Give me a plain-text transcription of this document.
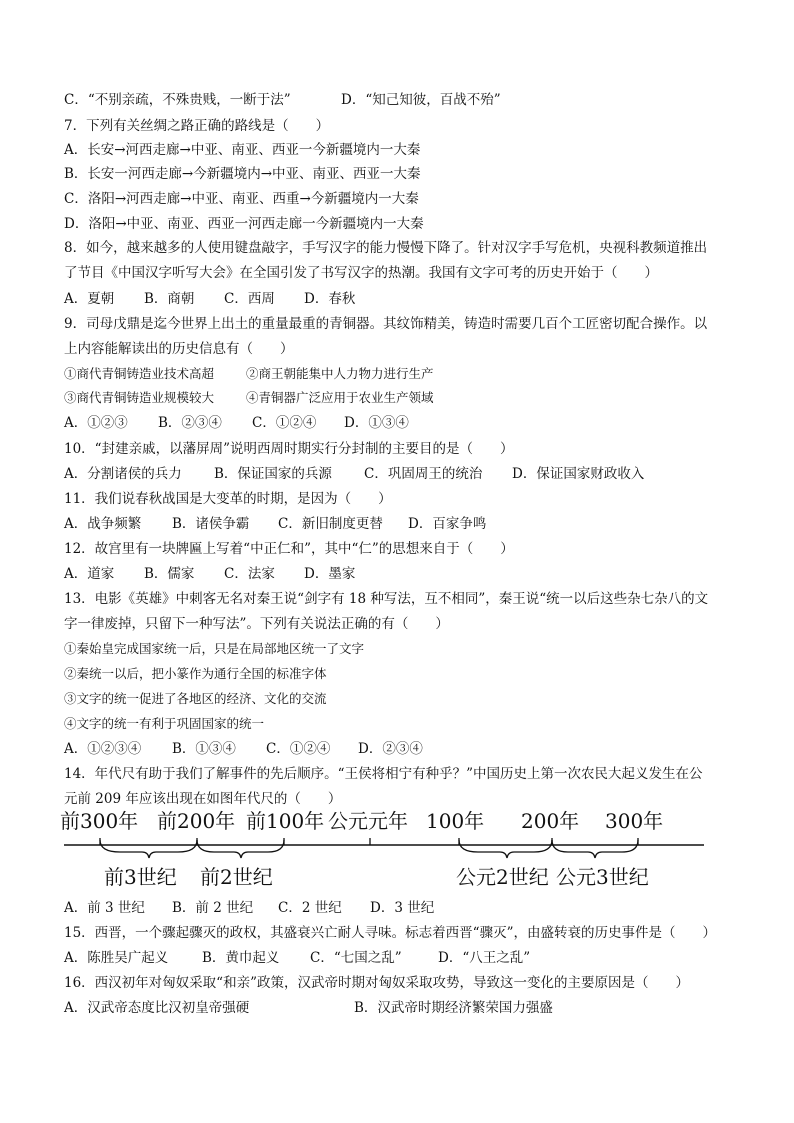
C．“不别亲疏，不殊贵贱，一断于法”	D．“知己知彼，百战不殆”
7．下列有关丝绸之路正确的路线是（　　）
A．长安→河西走廊→中亚、南亚、西亚一今新疆境内一大秦
B．长安一河西走廊→今新疆境内→中亚、南亚、西亚一大秦
C．洛阳→河西走廊→中亚、南亚、西重→今新疆境内一大秦
D．洛阳→中亚、南亚、西亚一河西走廊一今新疆境内一大秦
8．如今，越来越多的人使用键盘敲字，手写汉字的能力慢慢下降了。针对汉字手写危机，央视科教频道推出
了节目《中国汉字听写大会》在全国引发了书写汉字的热潮。我国有文字可考的历史开始于（　　）
A．夏朝 B．商朝 C．西周 D．春秋
9．司母戊鼎是迄今世界上出土的重量最重的青铜器。其纹饰精美，铸造时需要几百个工匠密切配合操作。以
上内容能解读出的历史信息有（　　）
①商代青铜铸造业技术高超	②商王朝能集中人力物力进行生产
③商代青铜铸造业规模较大	④青铜器广泛应用于农业生产领域
A．①②③ B．②③④ C．①②④ D．①③④
10．“封建亲戚，以藩屏周”说明西周时期实行分封制的主要目的是（　　）
A．分割诸侯的兵力 B．保证国家的兵源 C．巩固周王的统治 D．保证国家财政收入
11．我们说春秋战国是大变革的时期，是因为（　　）
A．战争频繁 B．诸侯争霸 C．新旧制度更替 D．百家争鸣
12．故宫里有一块牌匾上写着“中正仁和”，其中“仁”的思想来自于（　　）
A．道家 B．儒家 C．法家 D．墨家
13．电影《英雄》中刺客无名对秦王说“剑字有 18 种写法，互不相同”，秦王说“统一以后这些杂七杂八的文
字一律废掉，只留下一种写法”。下列有关说法正确的有（　　）
①秦始皇完成国家统一后，只是在局部地区统一了文字
②秦统一以后，把小篆作为通行全国的标准字体
③文字的统一促进了各地区的经济、文化的交流
④文字的统一有利于巩固国家的统一
A．①②③④ B．①③④ C．①②④ D．②③④
14．年代尺有助于我们了解事件的先后顺序。“王侯将相宁有种乎？”中国历史上第一次农民大起义发生在公
元前 209 年应该出现在如图年代尺的（　　）
前300年 前200年 前100年 公元元年 100年 200年 300年
前3世纪 前2世纪	公元2世纪 公元3世纪
A．前 3 世纪 B．前 2 世纪 C．2 世纪 D．3 世纪
15．西晋，一个骤起骤灭的政权，其盛衰兴亡耐人寻味。标志着西晋“骤灭”，由盛转衰的历史事件是（　　）
A．陈胜吴广起义	B．黄巾起义 C．“七国之乱”	D．“八王之乱”
16．西汉初年对匈奴采取“和亲”政策，汉武帝时期对匈奴采取攻势，导致这一变化的主要原因是（　　）
A．汉武帝态度比汉初皇帝强硬	B．汉武帝时期经济繁荣国力强盛
